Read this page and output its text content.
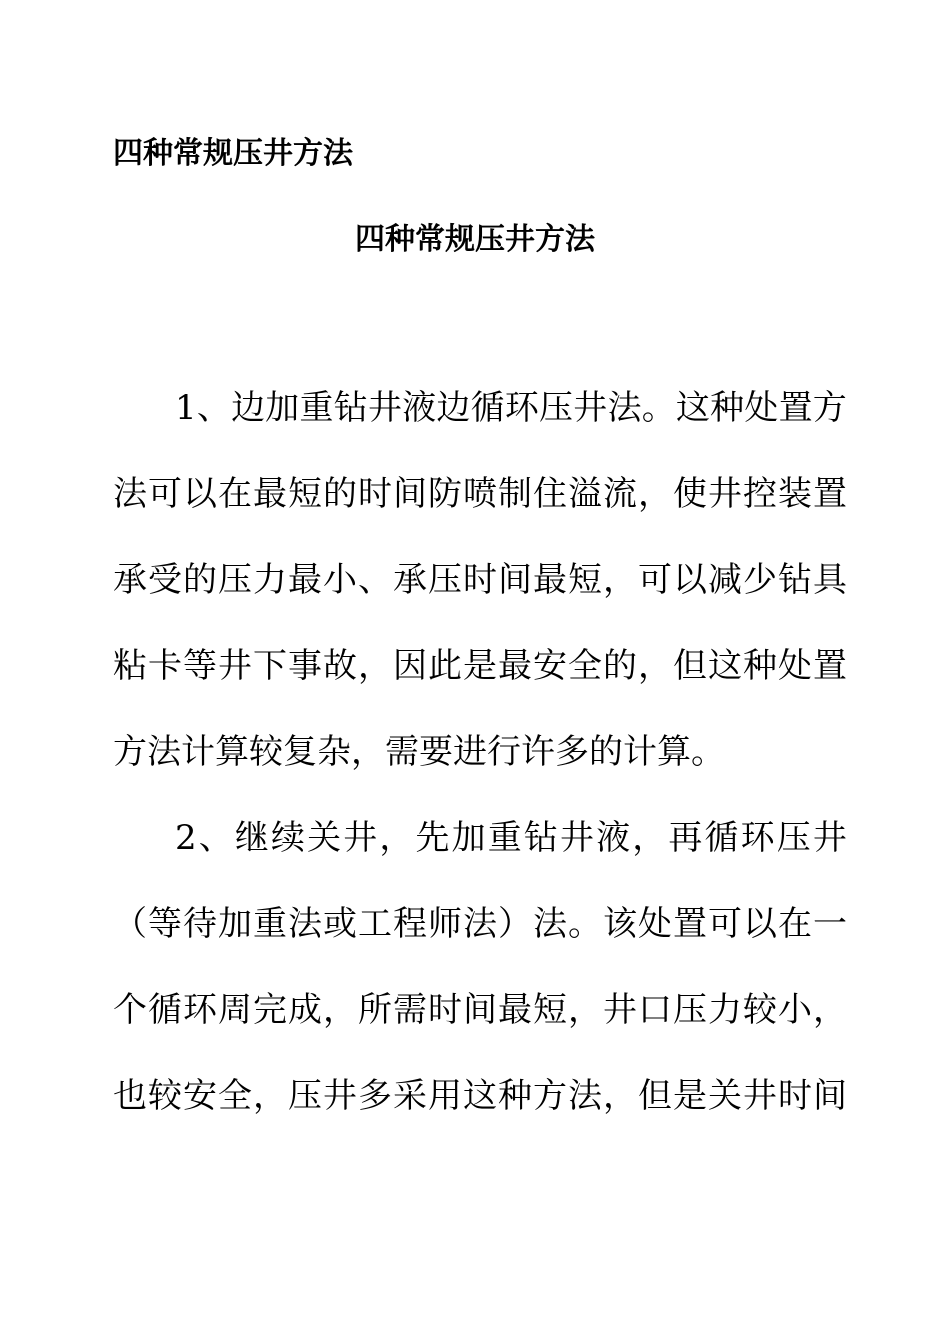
四种常规压井方法
四种常规压井方法
1 、 边 加 重 钻 井 液 边 循 环 压 井 法 。 这 种 处 置 方
法 可 以 在 最 短 的 时 间 防 喷 制 住 溢 流 ， 使 井 控 装 置
承 受 的 压 力 最 小 、 承 压 时 间 最 短 ， 可 以 减 少 钻 具
粘 卡 等 井 下 事 故 ， 因 此 是 最 安 全 的 ， 但 这 种 处 置
方法计算较复杂，需要进行许多的计算。
2 、 继 续 关 井 ， 先 加 重 钻 井 液 ， 再 循 环 压 井
（ 等 待 加 重 法 或 工 程 师 法 ） 法 。 该 处 置 可 以 在 一
个 循 环 周 完 成 ， 所 需 时 间 最 短 ， 井 口 压 力 较 小 ，
也 较 安 全 ， 压 井 多 采 用 这 种 方 法 ， 但 是 关 井 时 间
